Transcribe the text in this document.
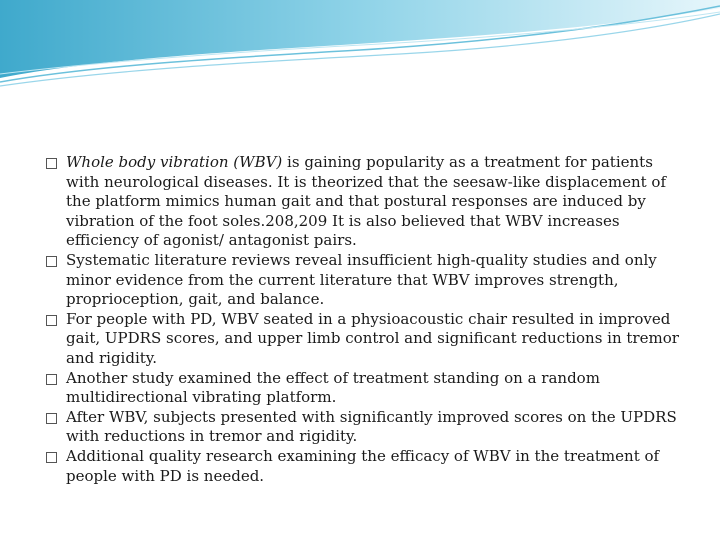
Whole body vibration (WBV) is gaining popularity as a treatment for patients with neurological diseases. It is theorized that the seesaw-like displacement of the platform mimics human gait and that postural responses are induced by vibration of the foot soles.208,209 It is also believed that WBV increases efficiency of agonist/ antagonist pairs.
Systematic literature reviews reveal insufficient high-quality studies and only minor evidence from the current literature that WBV improves strength, proprioception, gait, and balance.
For people with PD, WBV seated in a physioacoustic chair resulted in improved gait, UPDRS scores, and upper limb control and significant reductions in tremor and rigidity.
Another study examined the effect of treatment standing on a random multidirectional vibrating platform.
After WBV, subjects presented with significantly improved scores on the UPDRS with reductions in tremor and rigidity.
Additional quality research examining the efficacy of WBV in the treatment of people with PD is needed.
